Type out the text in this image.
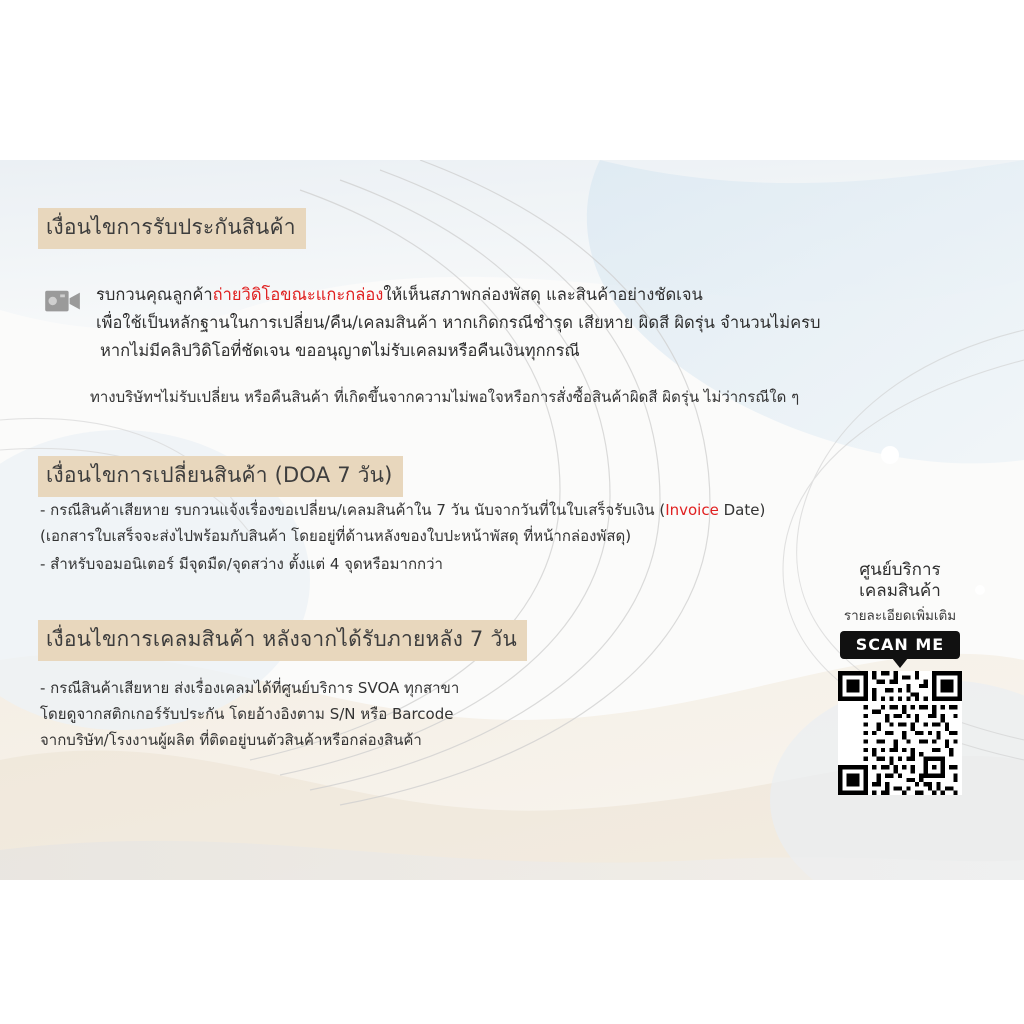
เงื่อนไขการรับประกันสินค้า
รบกวนคุณลูกค้าถ่ายวิดิโอขณะแกะกล่องให้เห็นสภาพกล่องพัสดุ และสินค้าอย่างชัดเจน
เพื่อใช้เป็นหลักฐานในการเปลี่ยน/คืน/เคลมสินค้า หากเกิดกรณีชำรุด เสียหาย ผิดสี ผิดรุ่น จำนวนไม่ครบ
หากไม่มีคลิปวิดิโอที่ชัดเจน ขออนุญาตไม่รับเคลมหรือคืนเงินทุกกรณี
ทางบริษัทฯไม่รับเปลี่ยน หรือคืนสินค้า ที่เกิดขึ้นจากความไม่พอใจหรือการสั่งซื้อสินค้าผิดสี ผิดรุ่น ไม่ว่ากรณีใด ๆ
เงื่อนไขการเปลี่ยนสินค้า (DOA 7 วัน)
- กรณีสินค้าเสียหาย รบกวนแจ้งเรื่องขอเปลี่ยน/เคลมสินค้าใน 7 วัน นับจากวันที่ในใบเสร็จรับเงิน (Invoice Date)
(เอกสารใบเสร็จจะส่งไปพร้อมกับสินค้า โดยอยู่ที่ด้านหลังของใบปะหน้าพัสดุ ที่หน้ากล่องพัสดุ)
- สำหรับจอมอนิเตอร์ มีจุดมืด/จุดสว่าง ตั้งแต่ 4 จุดหรือมากกว่า
เงื่อนไขการเคลมสินค้า หลังจากได้รับภายหลัง 7 วัน
- กรณีสินค้าเสียหาย ส่งเรื่องเคลมได้ที่ศูนย์บริการ SVOA ทุกสาขา
โดยดูจากสติกเกอร์รับประกัน โดยอ้างอิงตาม S/N หรือ Barcode
จากบริษัท/โรงงานผู้ผลิต ที่ติดอยู่บนตัวสินค้าหรือกล่องสินค้า
ศูนย์บริการ
เคลมสินค้า
รายละเอียดเพิ่มเติม
SCAN ME
